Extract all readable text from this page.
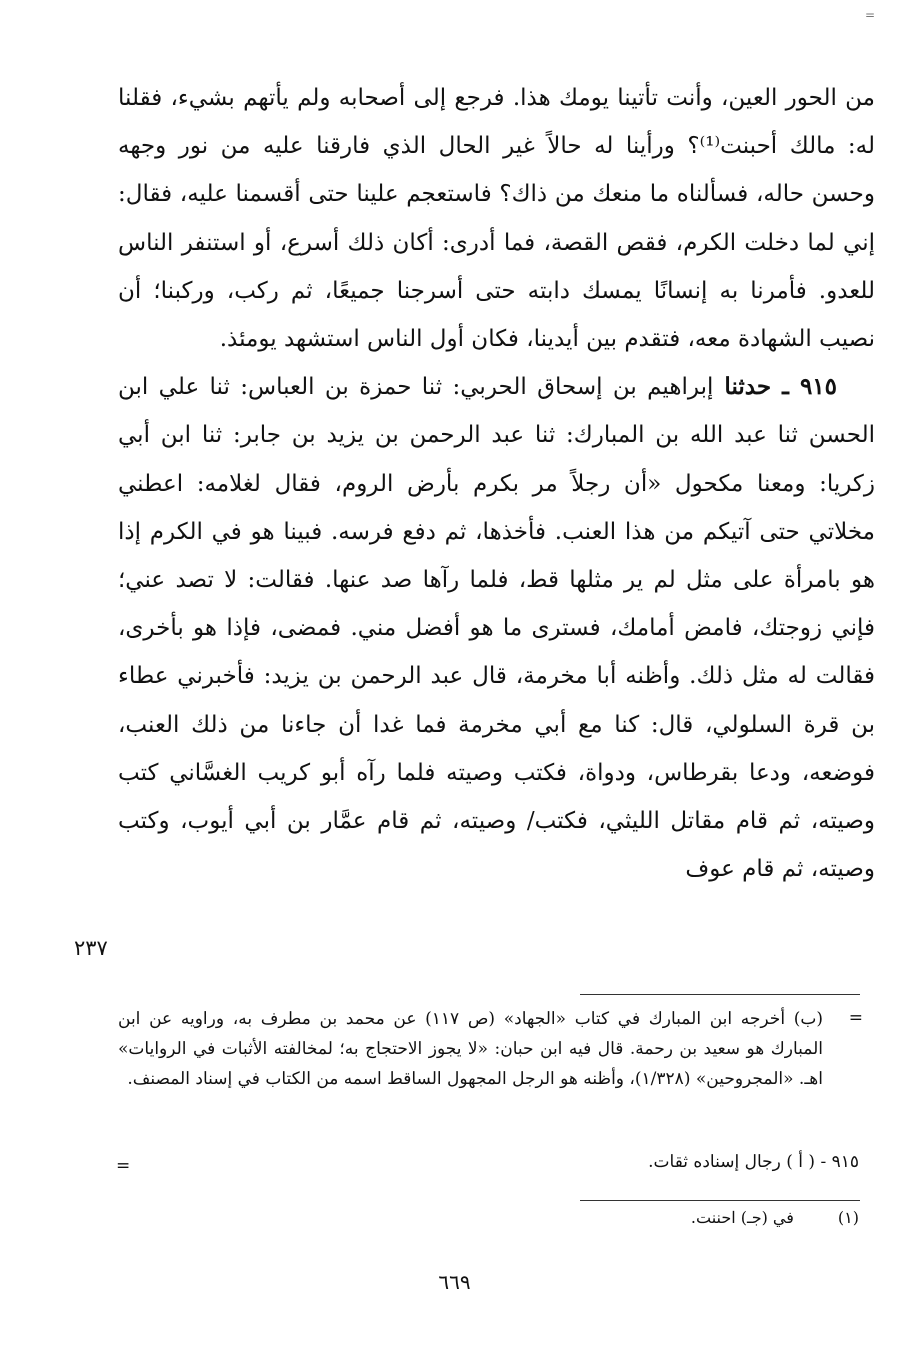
=

من الحور العين، وأنت تأتينا يومك هذا. فرجع إلى أصحابه ولم يأتهم بشيء، فقلنا له: مالك أحبنت⁽¹⁾؟ ورأينا له حالاً غير الحال الذي فارقنا عليه من نور وجهه وحسن حاله، فسألناه ما منعك من ذاك؟ فاستعجم علينا حتى أقسمنا عليه، فقال: إني لما دخلت الكرم، فقص القصة، فما أدرى: أكان ذلك أسرع، أو استنفر الناس للعدو. فأمرنا به إنسانًا يمسك دابته حتى أسرجنا جميعًا، ثم ركب، وركبنا؛ أن نصيب الشهادة معه، فتقدم بين أيدينا، فكان أول الناس استشهد يومئذ.

٩١٥ ـ حدثنا إبراهيم بن إسحاق الحربي: ثنا حمزة بن العباس: ثنا علي ابن الحسن ثنا عبد الله بن المبارك: ثنا عبد الرحمن بن يزيد بن جابر: ثنا ابن أبي زكريا: ومعنا مكحول «أن رجلاً مر بكرم بأرض الروم، فقال لغلامه: اعطني مخلاتي حتى آتيكم من هذا العنب. فأخذها، ثم دفع فرسه. فبينا هو في الكرم إذا هو بامرأة على مثل لم ير مثلها قط، فلما رآها صد عنها. فقالت: لا تصد عني؛ فإني زوجتك، فامض أمامك، فسترى ما هو أفضل مني. فمضى، فإذا هو بأخرى، فقالت له مثل ذلك. وأظنه أبا مخرمة، قال عبد الرحمن بن يزيد: فأخبرني عطاء بن قرة السلولي، قال: كنا مع أبي مخرمة فما غدا أن جاءنا من ذلك العنب، فوضعه، ودعا بقرطاس، ودواة، فكتب وصيته فلما رآه أبو كريب الغسَّاني كتب وصيته، ثم قام مقاتل الليثي، فكتب/ وصيته، ثم قام عمَّار بن أبي أيوب، وكتب وصيته، ثم قام عوف

٢٣٧
=

(ب) أخرجه ابن المبارك في كتاب «الجهاد» (ص ١١٧) عن محمد بن مطرف به، وراويه عن ابن المبارك هو سعيد بن رحمة. قال فيه ابن حبان: «لا يجوز الاحتجاج به؛ لمخالفته الأثبات في الروايات» اهـ. «المجروحين» (١/٣٢٨)، وأظنه هو الرجل المجهول الساقط اسمه من الكتاب في إسناد المصنف.

٩١٥ - ( أ ) رجال إسناده ثقات.
=
(١) في (جـ) احننت.
٦٦٩
